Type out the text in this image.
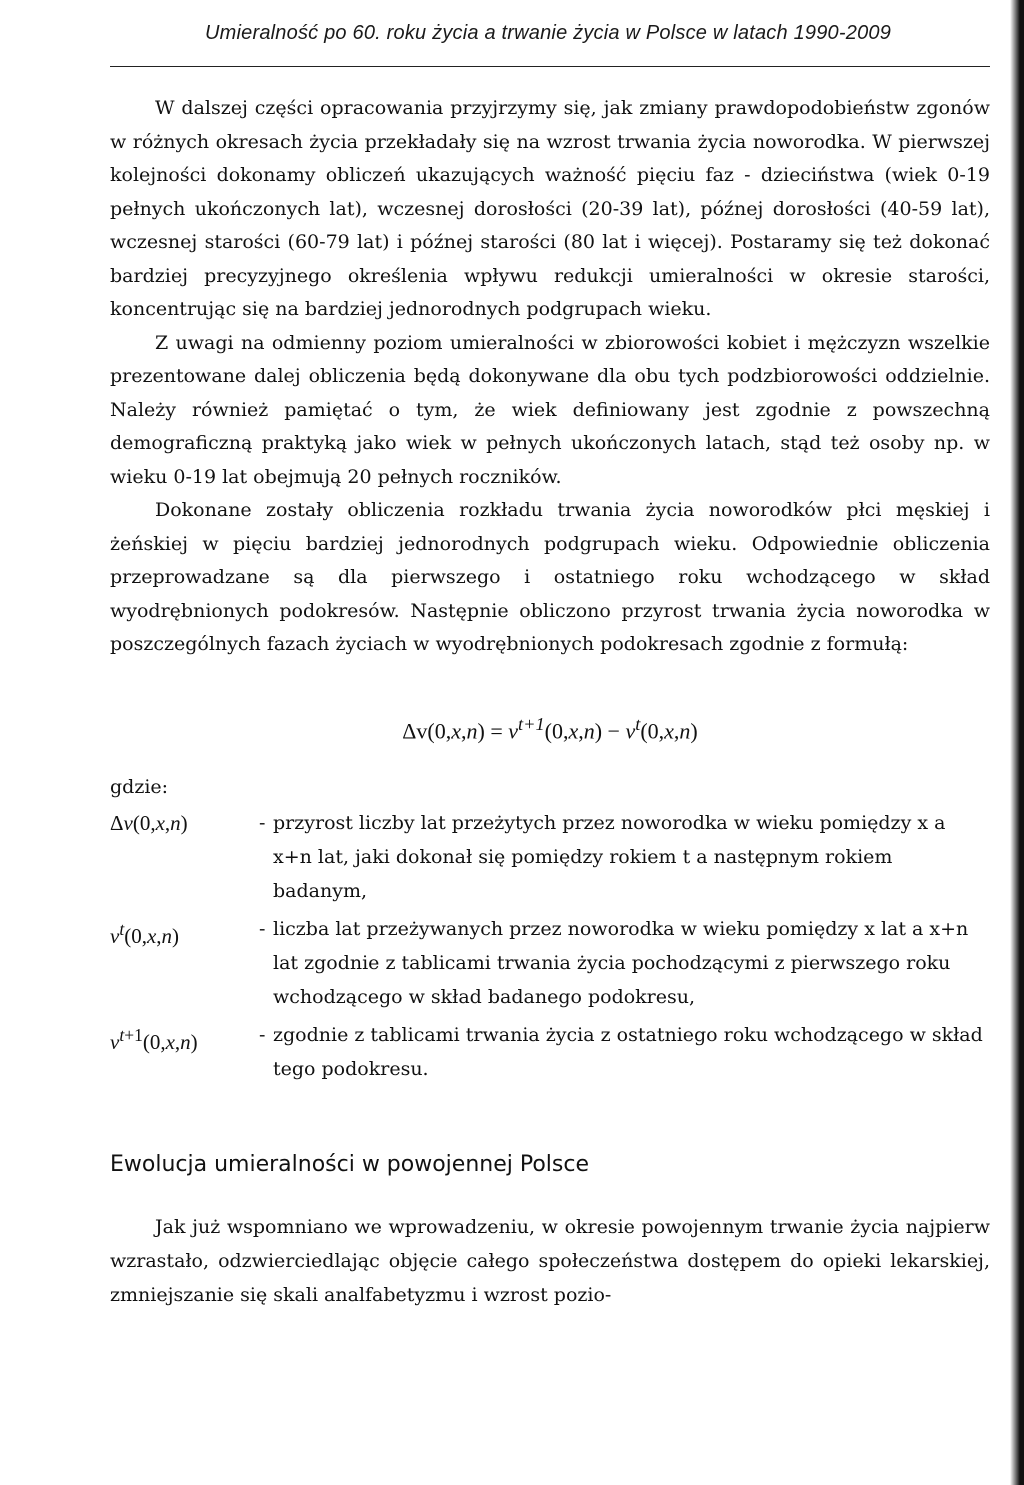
Umieralność po 60. roku życia a trwanie życia w Polsce w latach 1990-2009

W dalszej części opracowania przyjrzymy się, jak zmiany prawdopodobieństw zgonów w różnych okresach życia przekładały się na wzrost trwania życia noworodka. W pierwszej kolejności dokonamy obliczeń ukazujących ważność pięciu faz - dzieciństwa (wiek 0-19 pełnych ukończonych lat), wczesnej dorosłości (20-39 lat), późnej dorosłości (40-59 lat), wczesnej starości (60-79 lat) i późnej starości (80 lat i więcej). Postaramy się też dokonać bardziej precyzyjnego określenia wpływu redukcji umieralności w okresie starości, koncentrując się na bardziej jednorodnych podgrupach wieku.

Z uwagi na odmienny poziom umieralności w zbiorowości kobiet i mężczyzn wszelkie prezentowane dalej obliczenia będą dokonywane dla obu tych podzbiorowości oddzielnie. Należy również pamiętać o tym, że wiek definiowany jest zgodnie z powszechną demograficzną praktyką jako wiek w pełnych ukończonych latach, stąd też osoby np. w wieku 0-19 lat obejmują 20 pełnych roczników.

Dokonane zostały obliczenia rozkładu trwania życia noworodków płci męskiej i żeńskiej w pięciu bardziej jednorodnych podgrupach wieku. Odpowiednie obliczenia przeprowadzane są dla pierwszego i ostatniego roku wchodzącego w skład wyodrębnionych podokresów. Następnie obliczono przyrost trwania życia noworodka w poszczególnych fazach życiach w wyodrębnionych podokresach zgodnie z formułą:

$\Delta v(0,x,n) = v^{t+1}(0,x,n) - v^t(0,x,n)$
gdzie:
Δv(0,x,n)	- przyrost liczby lat przeżytych przez noworodka w wieku pomiędzy x a x+n lat, jaki dokonał się pomiędzy rokiem t a następnym rokiem badanym,
$v^t(0,x,n)$	- liczba lat przeżywanych przez noworodka w wieku pomiędzy x lat a x+n lat zgodnie z tablicami trwania życia pochodzącymi z pierwszego roku wchodzącego w skład badanego podokresu,
$v^{t+1}(0,x,n)$	- zgodnie z tablicami trwania życia z ostatniego roku wchodzącego w skład tego podokresu.
Ewolucja umieralności w powojennej Polsce

Jak już wspomniano we wprowadzeniu, w okresie powojennym trwanie życia najpierw wzrastało, odzwierciedlając objęcie całego społeczeństwa dostępem do opieki lekarskiej, zmniejszanie się skali analfabetyzmu i wzrost pozio-
